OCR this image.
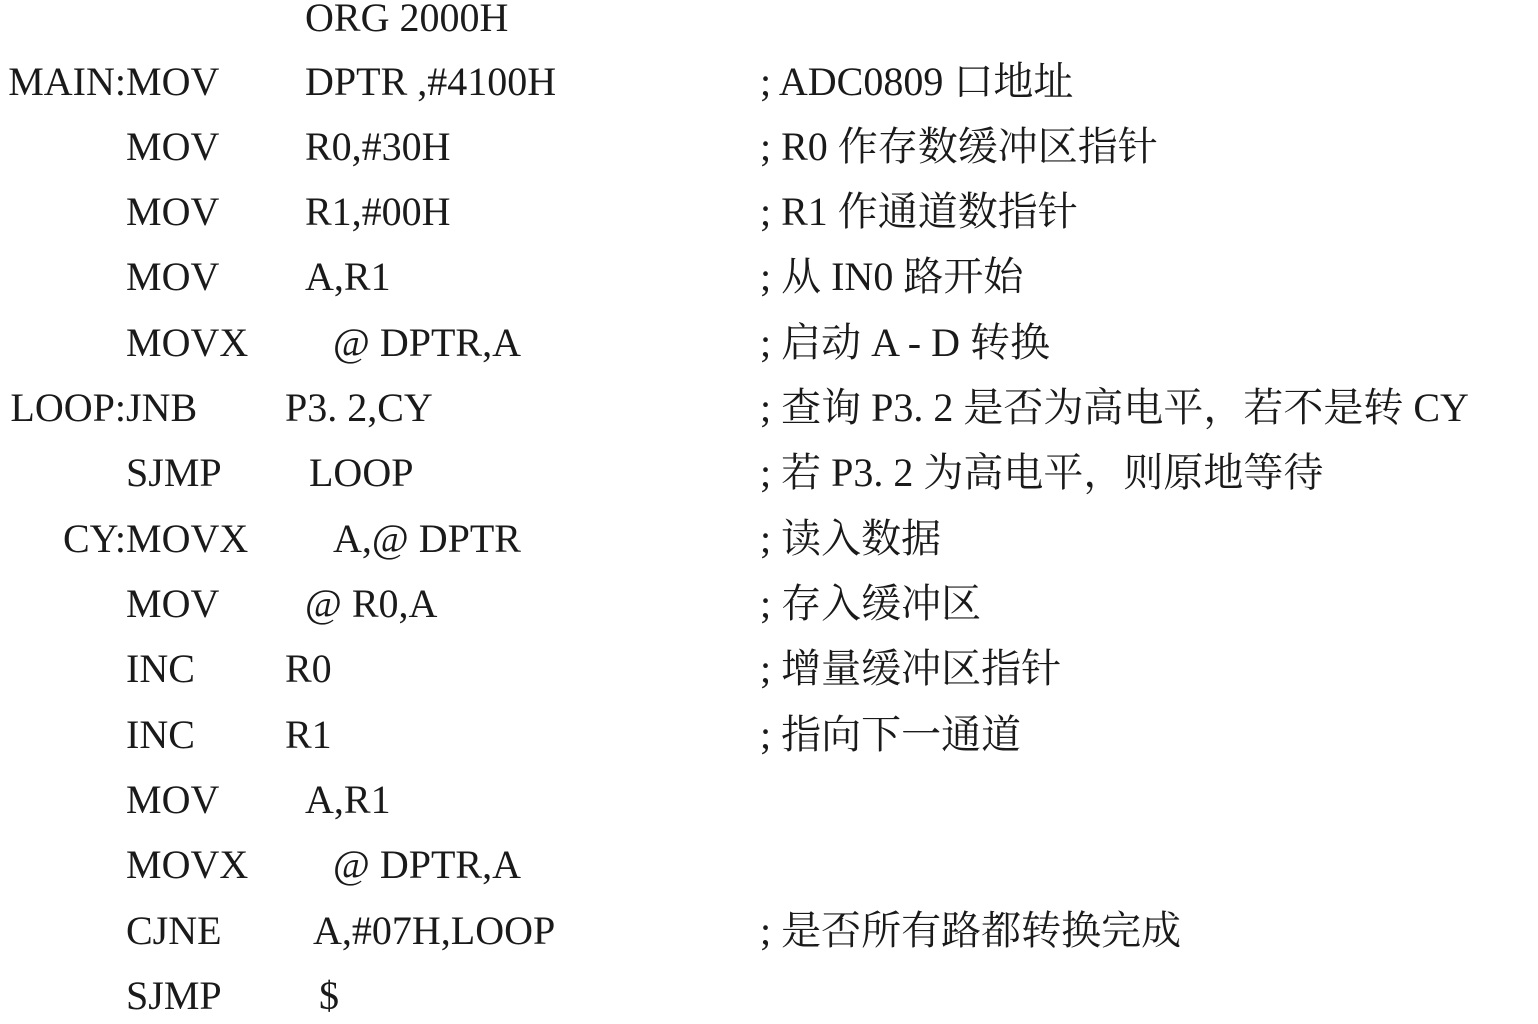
ORG 2000H
MAIN: MOV DPTR ,#4100H	; ADC0809 口地址
MOV R0,#30H	; R0 作存数缓冲区指针
MOV R1,#00H	; R1 作通道数指针
MOV A,R1	; 从 IN0 路开始
MOVX @ DPTR,A	; 启动 A - D 转换
LOOP: JNB P3. 2,CY	; 查询 P3. 2 是否为高电平，若不是转 CY
SJMP LOOP	; 若 P3. 2 为高电平，则原地等待
CY: MOVX A,@ DPTR	; 读入数据
MOV @ R0,A	; 存入缓冲区
INC R0	; 增量缓冲区指针
INC R1	; 指向下一通道
MOV A,R1
MOVX @ DPTR,A
CJNE A,#07H,LOOP	; 是否所有路都转换完成
SJMP $
